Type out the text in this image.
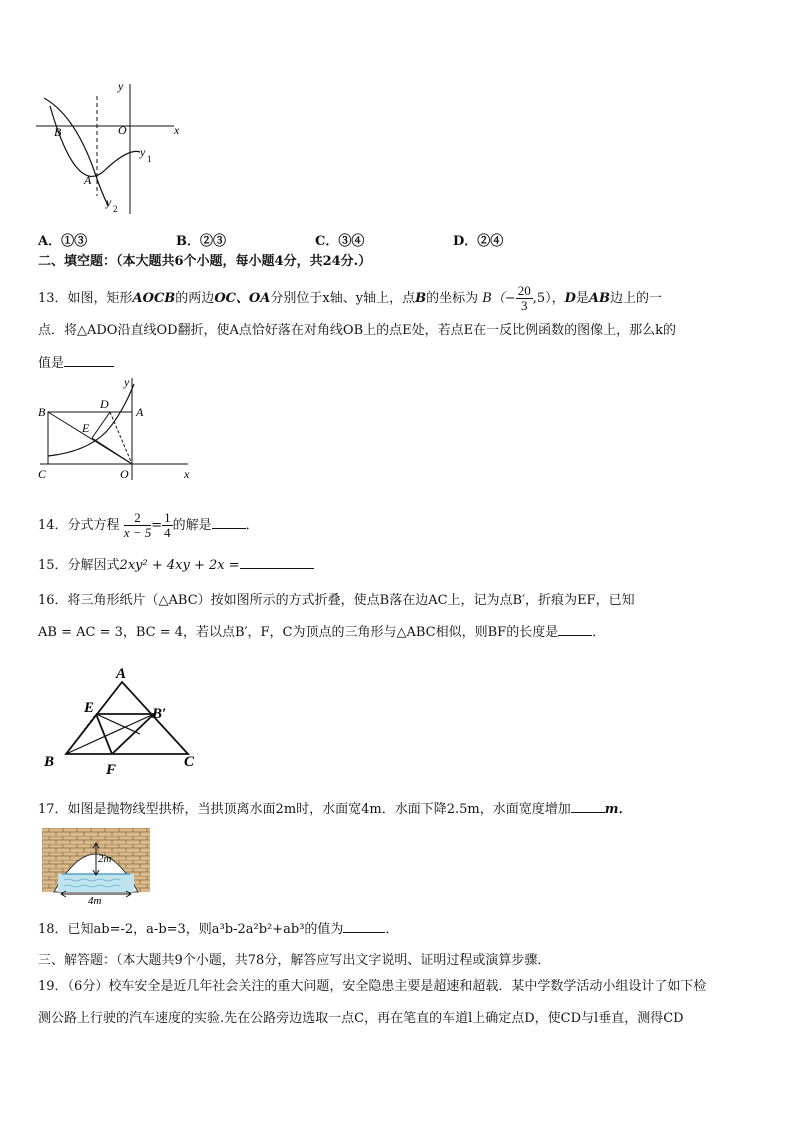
y
O	x
B
A
y 1
y 2
A．①③	B．②③	C．③④	D．②④
二、填空题：（本大题共6个小题，每小题4分，共24分.）
13．如图，矩形AOCB的两边OC、OA分别位于x轴、y轴上，点B的坐标为 $B(- \frac{20}{3} ,5)$，D是AB边上的一
点．将△ADO沿直线OD翻折，使A点恰好落在对角线OB上的点E处，若点E在一反比例函数的图像上，那么k的
值是
y
B
D
A
E
C	O	x
14．分式方程 $\frac{2}{x - 5} = \frac{1}{4}$ 的解是	．
15．分解因式2xy² + 4xy + 2x =
16．将三角形纸片（△ABC）按如图所示的方式折叠，使点B落在边AC上，记为点B′，折痕为EF，已知
AB = AC = 3，BC = 4，若以点B′，F，C为顶点的三角形与△ABC相似，则BF的长度是	．
A
E	B′
B	F	C
17．如图是抛物线型拱桥，当拱顶离水面2m时，水面宽4m．水面下降2.5m，水面宽度增加	m．
2m
4m
18．已知ab=-2，a-b=3，则a³b-2a²b²+ab³的值为	．
三、解答题：（本大题共9个小题，共78分，解答应写出文字说明、证明过程或演算步骤．
19．（6分）校车安全是近几年社会关注的重大问题，安全隐患主要是超速和超载．某中学数学活动小组设计了如下检
测公路上行驶的汽车速度的实验.先在公路旁边选取一点C，再在笔直的车道l上确定点D，使CD与l垂直，测得CD
